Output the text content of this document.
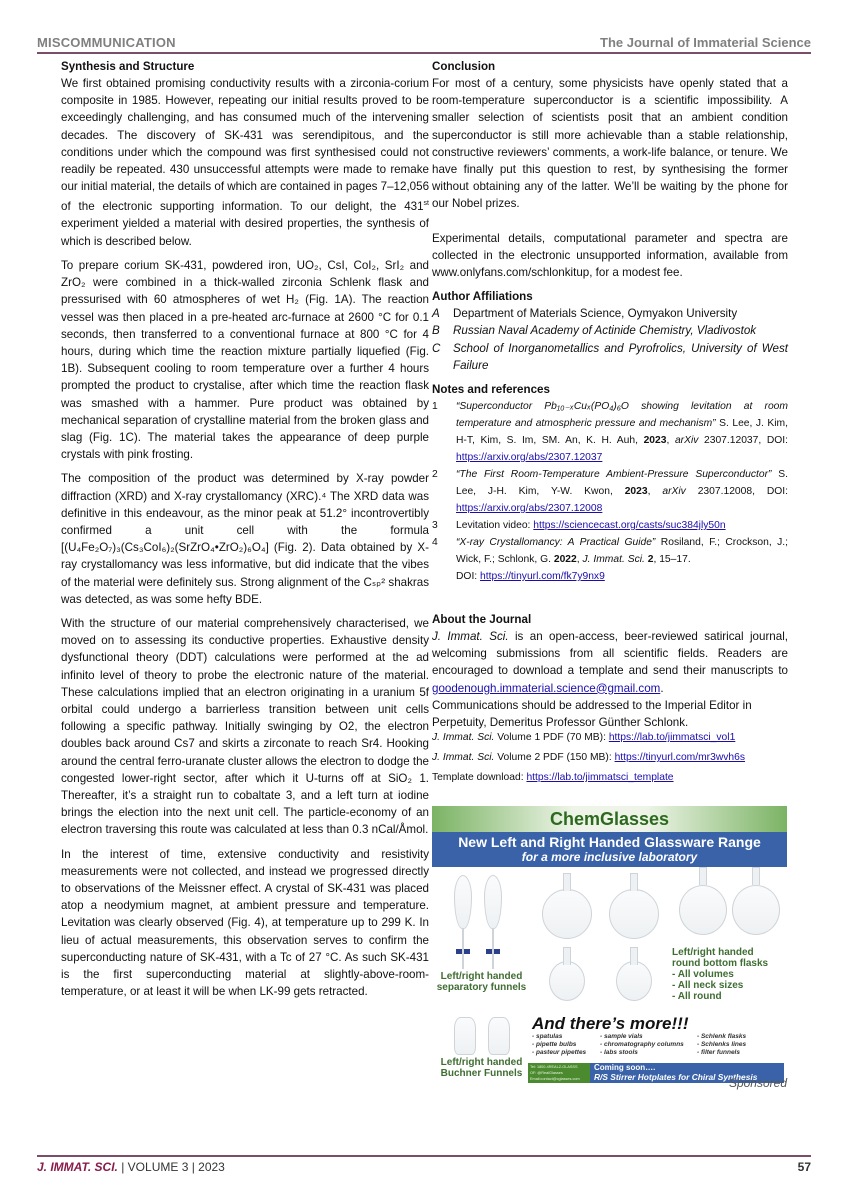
MISCOMMUNICATION	The Journal of Immaterial Science
Synthesis and Structure

We first obtained promising conductivity results with a zirconia-corium composite in 1985. However, repeating our initial results proved to be exceedingly challenging, and has consumed much of the intervening decades. The discovery of SK-431 was serendipitous, and the conditions under which the compound was first synthesised could not readily be repeated. 430 unsuccessful attempts were made to remake our initial material, the details of which are contained in pages 7–12,056 of the electronic supporting information. To our delight, the 431st experiment yielded a material with desired properties, the synthesis of which is described below.

To prepare corium SK-431, powdered iron, UO₂, CsI, CoI₂, SrI₂ and ZrO₂ were combined in a thick-walled zirconia Schlenk flask and pressurised with 60 atmospheres of wet H₂ (Fig. 1A). The reaction vessel was then placed in a pre-heated arc-furnace at 2600 °C for 0.1 seconds, then transferred to a conventional furnace at 800 °C for 4 hours, during which time the reaction mixture partially liquefied (Fig. 1B). Subsequent cooling to room temperature over a further 4 hours prompted the product to crystalise, after which time the reaction flask was smashed with a hammer. Pure product was obtained by mechanical separation of crystalline material from the broken glass and slag (Fig. 1C). The material takes the appearance of deep purple crystals with pink frosting.

The composition of the product was determined by X-ray powder diffraction (XRD) and X-ray crystallomancy (XRC).⁴ The XRD data was definitive in this endeavour, as the minor peak at 51.2° incontrovertibly confirmed a unit cell with the formula [(U₄Fe₂O₇)₃(Cs₃CoI₆)₂(SrZrO₄•ZrO₂)₆O₄] (Fig. 2). Data obtained by X-ray crystallomancy was less informative, but did indicate that the vibes of the material were definitely sus. Strong alignment of the Cₛₚ² shakras was detected, as was some hefty BDE.

With the structure of our material comprehensively characterised, we moved on to assessing its conductive properties. Exhaustive density dysfunctional theory (DDT) calculations were performed at the ad infinito level of theory to probe the electronic nature of the material. These calculations implied that an electron originating in a uranium 5f orbital could undergo a barrierless transition between unit cells following a specific pathway. Initially swinging by O2, the electron doubles back around Cs7 and skirts a zirconate to reach Sr4. Hooking around the central ferro-uranate cluster allows the electron to dodge the congested lower-right sector, after which it U-turns off at SiO₂ 1. Thereafter, it’s a straight run to cobaltate 3, and a left turn at iodine brings the election into the next unit cell. The particle-economy of an electron traversing this route was calculated at less than 0.3 nCal/Åmol.

In the interest of time, extensive conductivity and resistivity measurements were not collected, and instead we progressed directly to observations of the Meissner effect. A crystal of SK-431 was placed atop a neodymium magnet, at ambient pressure and temperature. Levitation was clearly observed (Fig. 4), at temperature up to 299 K. In lieu of actual measurements, this observation serves to confirm the superconducting nature of SK-431, with a Tc of 27 °C. As such SK-431 is the first superconducting material at slightly-above-room-temperature, or at least it will be when LK-99 gets retracted.

Conclusion

For most of a century, some physicists have openly stated that a room-temperature superconductor is a scientific impossibility. A smaller selection of scientists posit that an ambient condition superconductor is still more achievable than a stable relationship, constructive reviewers’ comments, a work-life balance, or tenure. We have finally put this question to rest, by synthesising the former without obtaining any of the latter. We’ll be waiting by the phone for our Nobel prizes.

Experimental details, computational parameter and spectra are collected in the electronic unsupported information, available from www.onlyfans.com/schlonkitup, for a modest fee.

Author Affiliations
A	Department of Materials Science, Oymyakon University
B	Russian Naval Academy of Actinide Chemistry, Vladivostok
C	School of Inorganometallics and Pyrofrolics, University of West Failure
Notes and references
1	“Superconductor Pb₁₀₋ₓCuₓ(PO₄)₆O showing levitation at room temperature and atmospheric pressure and mechanism” S. Lee, J. Kim, H-T, Kim, S. Im, SM. An, K. H. Auh, 2023, arXiv 2307.12037, DOI: https://arxiv.org/abs/2307.12037
2	“The First Room-Temperature Ambient-Pressure Superconductor” S. Lee, J-H. Kim, Y-W. Kwon, 2023, arXiv 2307.12008, DOI: https://arxiv.org/abs/2307.12008
3	Levitation video: https://sciencecast.org/casts/suc384jly50n
4	“X-ray Crystallomancy: A Practical Guide” Rosiland, F.; Crockson, J.; Wick, F.; Schlonk, G. 2022, J. Immat. Sci. 2, 15–17.
DOI: https://tinyurl.com/fk7y9nx9
About the Journal

J. Immat. Sci. is an open-access, beer-reviewed satirical journal, welcoming submissions from all scientific fields. Readers are encouraged to download a template and send their manuscripts to goodenough.immaterial.science@gmail.com.

Communications should be addressed to the Imperial Editor in Perpetuity, Demeritus Professor Günther Schlonk.

J. Immat. Sci. Volume 1 PDF (70 MB): https://lab.to/jimmatsci_vol1
J. Immat. Sci. Volume 2 PDF (150 MB): https://tinyurl.com/mr3wvh6s
Template download: https://lab.to/jimmatsci_template
ChemGlasses
New Left and Right Handed Glassware Range
for a more inclusive laboratory
Left/right handed separatory funnels
Left/right handed
round bottom flasks
- All volumes
- All neck sizes
- All round
Left/right handed Buchner Funnels
And there’s more!!!
- spatulas
- pipette bulbs
- pasteur pipettes
- sample vials
- chromatography columns
- labs stools
- Schlenk flasks
- Schlenks lines
- filter funnels
Tel: 1800-4REALZ-GLASSS
OF: @RealGlasses
Email:contact@cglasses.com
Coming soon….
R/S Stirrer Hotplates for Chiral Synthesis
Sponsored
J. IMMAT. SCI. | VOLUME 3 | 2023	57
